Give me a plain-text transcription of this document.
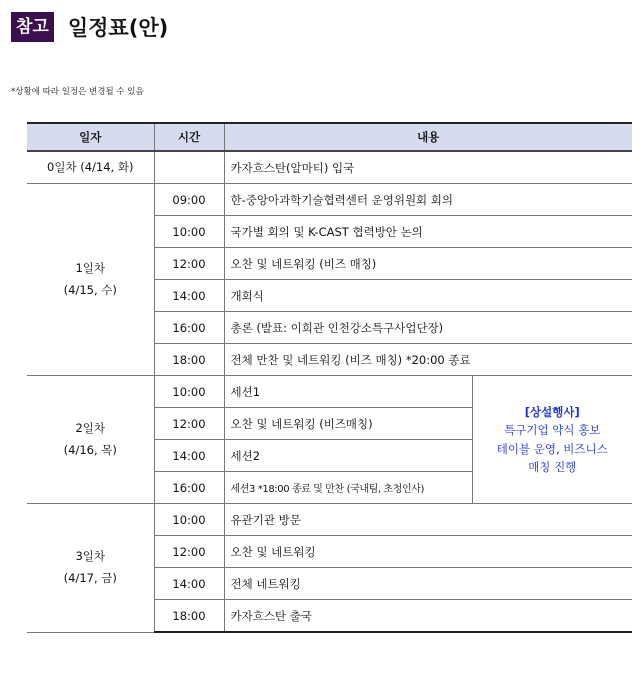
참고 일정표(안)
*상황에 따라 일정은 변경될 수 있음
일자	시간	내용	
0일차 (4/14, 화)		카자흐스탄(알마티) 입국	

1일차
(4/15, 수)	09:00	한-중앙아과학기술협력센터 운영위원회 회의	
	10:00	국가별 회의 및 K-CAST 협력방안 논의	
	12:00	오찬 및 네트워킹 (비즈 매칭)	
	14:00	개회식	
	16:00	총론 (발표: 이희관 인천강소특구사업단장)	
	18:00	전체 만찬 및 네트워킹 (비즈 매칭) *20:00 종료	

2일차
(4/16, 목)	10:00	세션1	[상설행사]
특구기업 약식 홍보
테이블 운영, 비즈니스
매칭 진행

	12:00	오찬 및 네트워킹 (비즈매칭)	
	14:00	세션2	
	16:00	세션3 *18:00 종료 및 만찬 (국내팀, 초청인사)	

3일차
(4/17, 금)	10:00	유관기관 방문	
	12:00	오찬 및 네트워킹	
	14:00	전체 네트워킹	
	18:00	카자흐스탄 출국	
